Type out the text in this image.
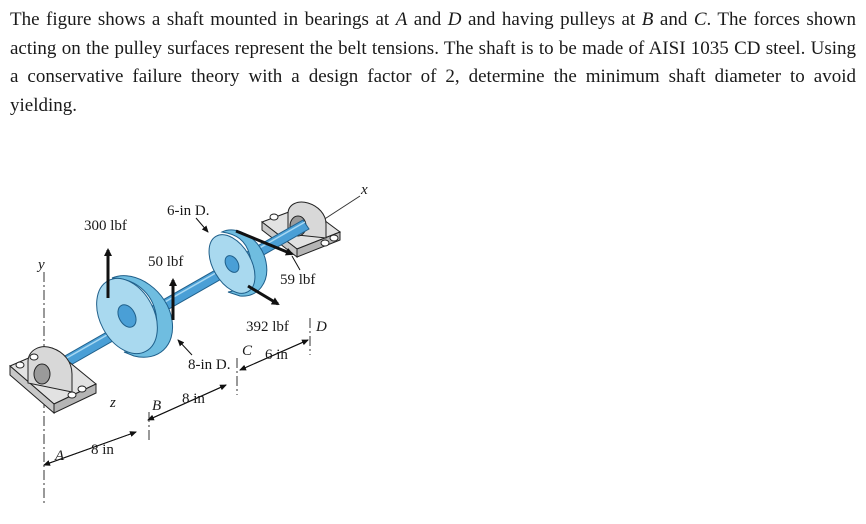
The figure shows a shaft mounted in bearings at A and D and having pulleys at B and C. The forces shown acting on the pulley surfaces represent the belt tensions. The shaft is to be made of AISI 1035 CD steel. Using a conservative failure theory with a design factor of 2, determine the minimum shaft diameter to avoid yielding.

6-in D.
300 lbf
50 lbf
59 lbf
392 lbf
8-in D.
6 in
8 in
8 in
x
y
z
A
B
C
D
